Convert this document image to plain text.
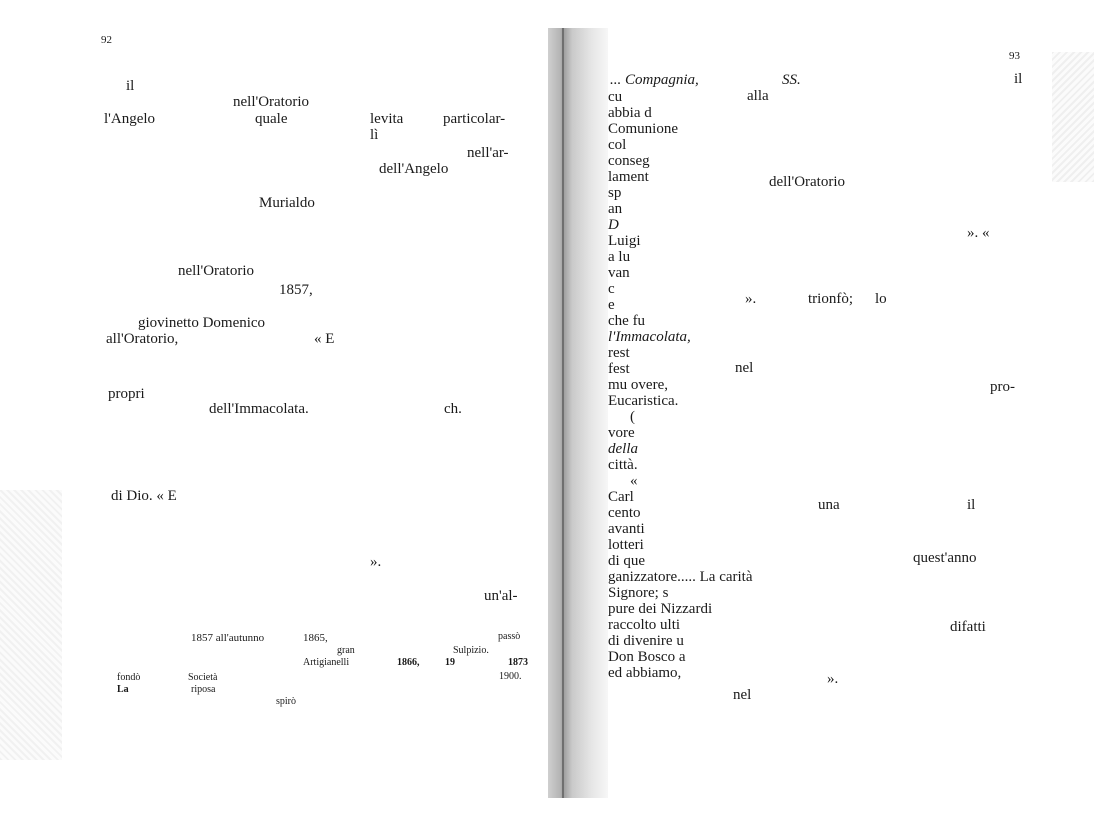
92
il
nell'Oratorio
l'Angelo	quale	levita	particolar-
lì
nell'ar-
dell'Angelo
Murialdo
nell'Oratorio
1857,
giovinetto Domenico
all'Oratorio,	« E
propri
dell'Immacolata.	ch.
di Dio. « E
».
un'al-
1857 all'autunno	1865,	passò
gran	Sulpizio.
Artigianelli	1866,	19	1873
fondò	Società	1900.
La	riposa
spirò
93
... Compagnia,	SS.	il
cu
abbia d
Comunione
col
conseg
lament
sp
an
D
Luigi
a lu
van
c
e
che fu
l'Immacolata,
rest
fest
mu overe,
Eucaristica.
(
vore
della
città.
«
Carl
cento
avanti
lotteri
di que
ganizzatore..... La carità
Signore; s
pure dei Nizzardi
raccolto ulti
di divenire u
Don Bosco a
ed abbiamo,
alla
dell'Oratorio
». «
».	trionfò; lo
nel
pro-
una	il
quest'anno
difatti
».
nel
